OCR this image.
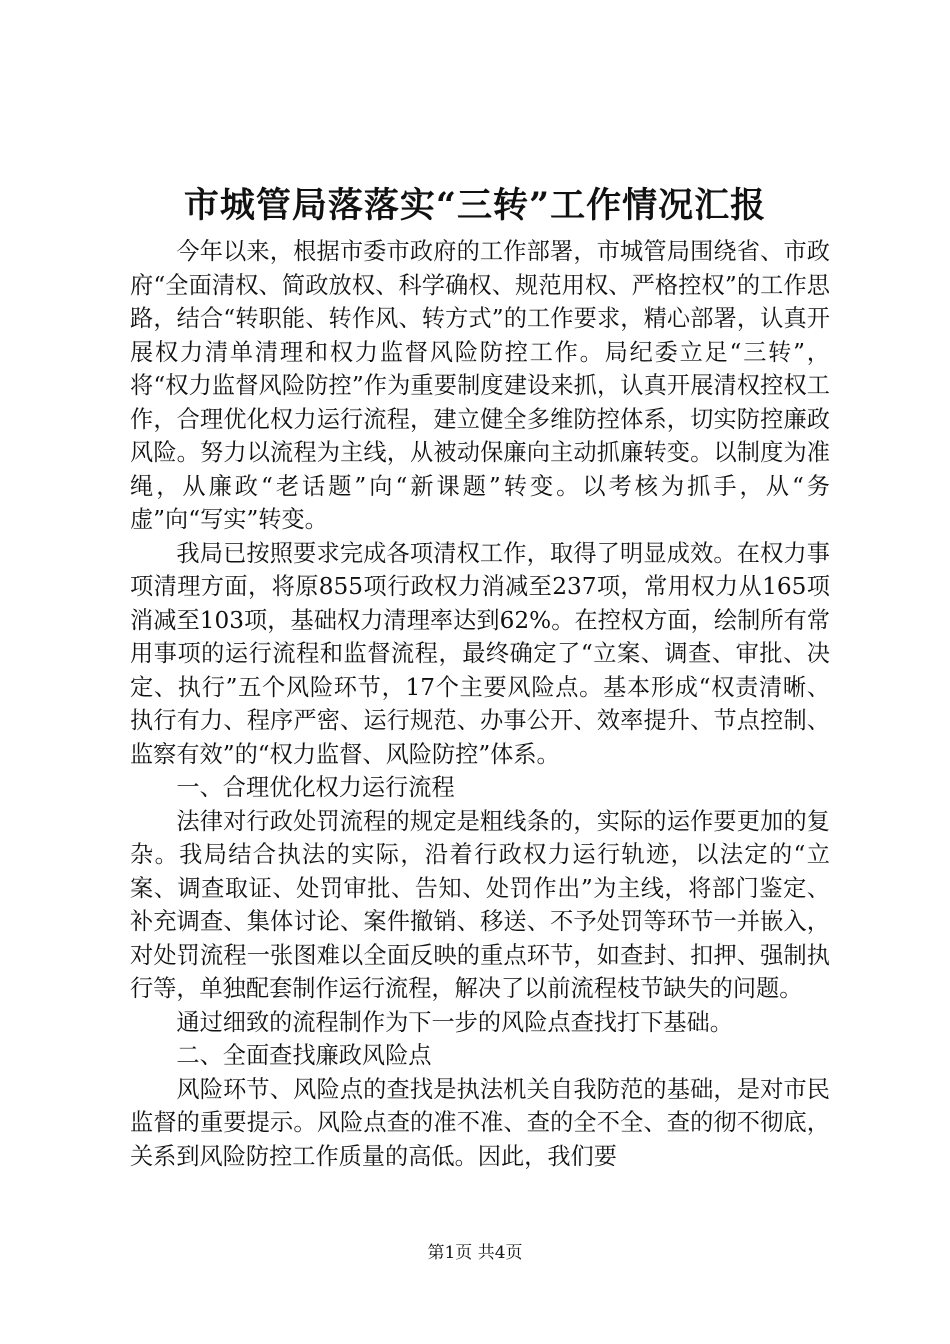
市城管局落落实“三转”工作情况汇报

今年以来，根据市委市政府的工作部署，市城管局围绕省、市政府“全面清权、简政放权、科学确权、规范用权、严格控权”的工作思路，结合“转职能、转作风、转方式”的工作要求，精心部署，认真开展权力清单清理和权力监督风险防控工作。局纪委立足“三转”，将“权力监督风险防控”作为重要制度建设来抓，认真开展清权控权工作，合理优化权力运行流程，建立健全多维防控体系，切实防控廉政风险。努力以流程为主线，从被动保廉向主动抓廉转变。以制度为准绳，从廉政“老话题”向“新课题”转变。以考核为抓手，从“务虚”向“写实”转变。

我局已按照要求完成各项清权工作，取得了明显成效。在权力事项清理方面，将原855项行政权力消减至237项，常用权力从165项消减至103项，基础权力清理率达到62%。在控权方面，绘制所有常用事项的运行流程和监督流程，最终确定了“立案、调查、审批、决定、执行”五个风险环节，17个主要风险点。基本形成“权责清晰、执行有力、程序严密、运行规范、办事公开、效率提升、节点控制、监察有效”的“权力监督、风险防控”体系。

一、合理优化权力运行流程

法律对行政处罚流程的规定是粗线条的，实际的运作要更加的复杂。我局结合执法的实际，沿着行政权力运行轨迹，以法定的“立案、调查取证、处罚审批、告知、处罚作出”为主线，将部门鉴定、补充调查、集体讨论、案件撤销、移送、不予处罚等环节一并嵌入，对处罚流程一张图难以全面反映的重点环节，如查封、扣押、强制执行等，单独配套制作运行流程，解决了以前流程枝节缺失的问题。

通过细致的流程制作为下一步的风险点查找打下基础。

二、全面查找廉政风险点

风险环节、风险点的查找是执法机关自我防范的基础，是对市民监督的重要提示。风险点查的准不准、查的全不全、查的彻不彻底，关系到风险防控工作质量的高低。因此，我们要

第1页 共4页
